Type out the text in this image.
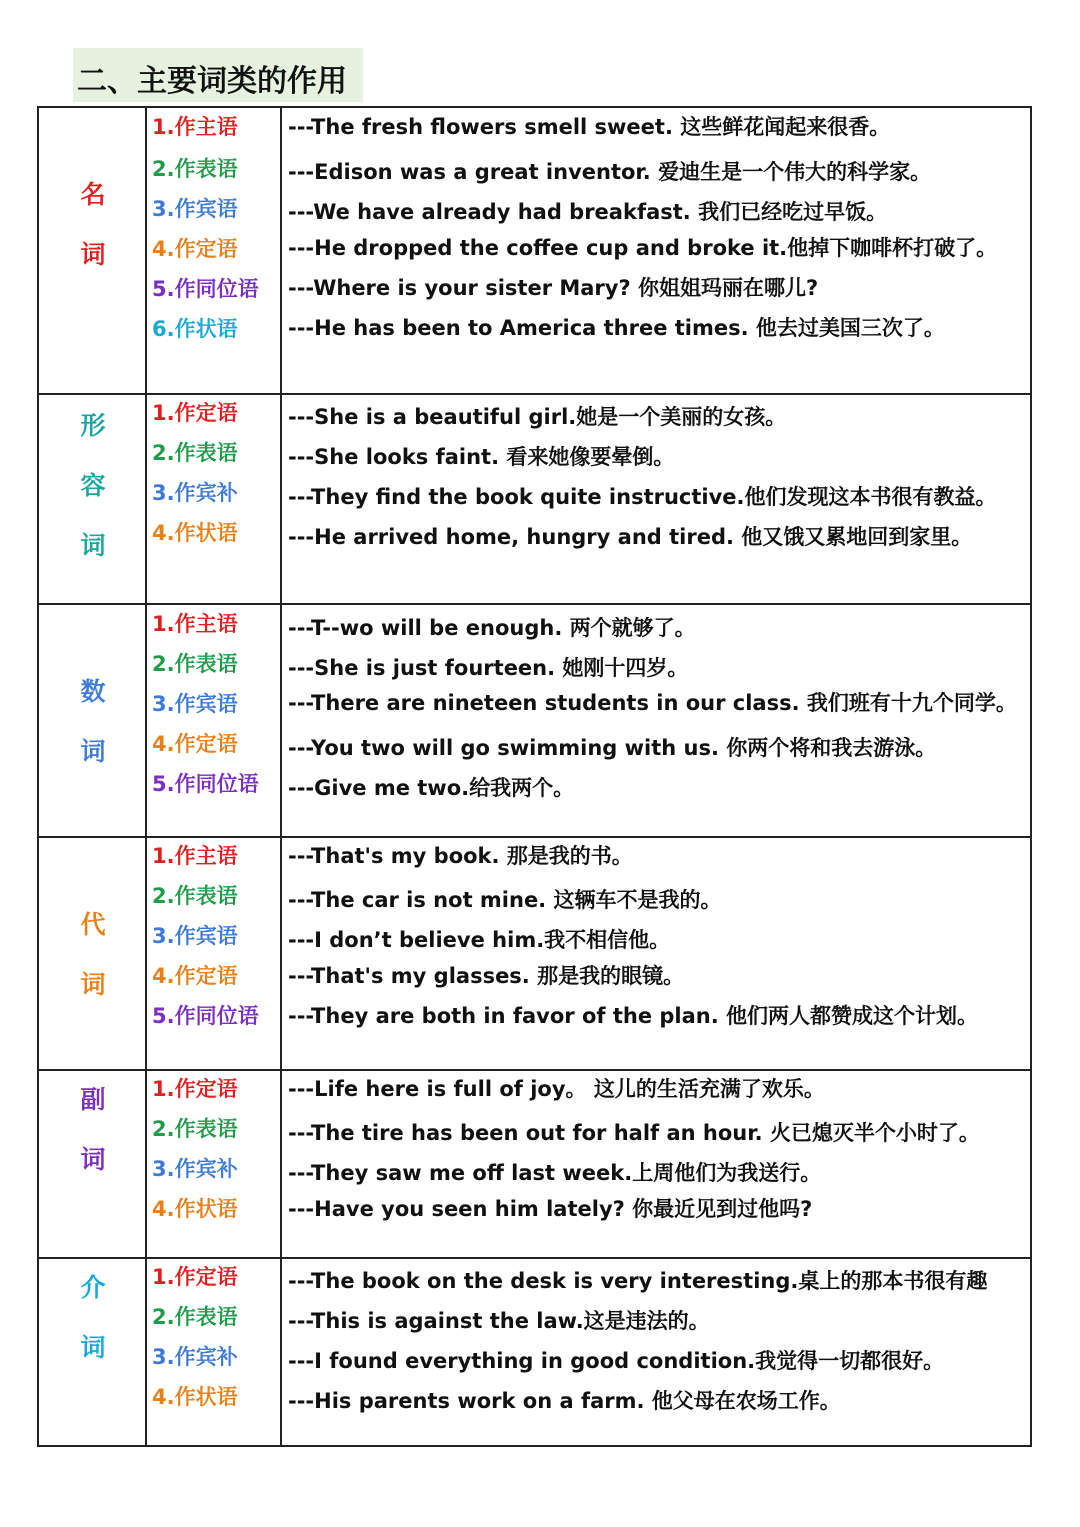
二、主要词类的作用
名
词
1.作主语
2.作表语
3.作宾语
4.作定语
5.作同位语
6.作状语
---The fresh flowers smell sweet. 这些鲜花闻起来很香。
---Edison was a great inventor. 爱迪生是一个伟大的科学家。
---We have already had breakfast. 我们已经吃过早饭。
---He dropped the coffee cup and broke it.他掉下咖啡杯打破了。
---Where is your sister Mary? 你姐姐玛丽在哪儿?
---He has been to America three times. 他去过美国三次了。
形
容
词
1.作定语
2.作表语
3.作宾补
4.作状语
---She is a beautiful girl.她是一个美丽的女孩。
---She looks faint. 看来她像要晕倒。
---They find the book quite instructive.他们发现这本书很有教益。
---He arrived home, hungry and tired. 他又饿又累地回到家里。
数
词
1.作主语
2.作表语
3.作宾语
4.作定语
5.作同位语
---T--wo will be enough. 两个就够了。
---She is just fourteen. 她刚十四岁。
---There are nineteen students in our class. 我们班有十九个同学。
---You two will go swimming with us. 你两个将和我去游泳。
---Give me two.给我两个。
代
词
1.作主语
2.作表语
3.作宾语
4.作定语
5.作同位语
---That's my book. 那是我的书。
---The car is not mine. 这辆车不是我的。
---I don’t believe him.我不相信他。
---That's my glasses. 那是我的眼镜。
---They are both in favor of the plan. 他们两人都赞成这个计划。
副
词
1.作定语
2.作表语
3.作宾补
4.作状语
---Life here is full of joy。 这儿的生活充满了欢乐。
---The tire has been out for half an hour. 火已熄灭半个小时了。
---They saw me off last week.上周他们为我送行。
---Have you seen him lately? 你最近见到过他吗?
介
词
1.作定语
2.作表语
3.作宾补
4.作状语
---The book on the desk is very interesting.桌上的那本书很有趣
---This is against the law.这是违法的。
---I found everything in good condition.我觉得一切都很好。
---His parents work on a farm. 他父母在农场工作。
